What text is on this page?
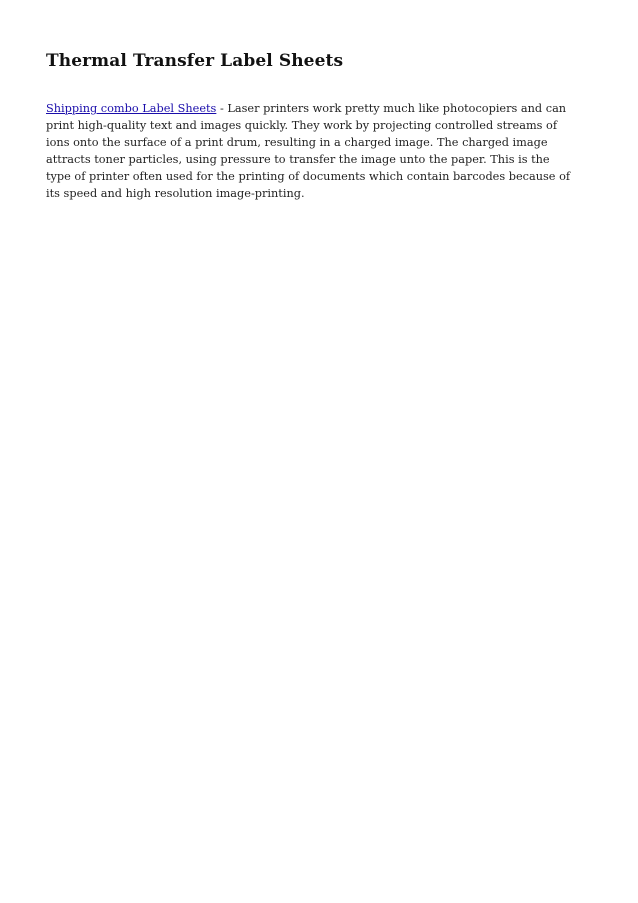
Thermal Transfer Label Sheets

Shipping combo Label Sheets - Laser printers work pretty much like photocopiers and can print high-quality text and images quickly. They work by projecting controlled streams of ions onto the surface of a print drum, resulting in a charged image. The charged image attracts toner particles, using pressure to transfer the image unto the paper. This is the type of printer often used for the printing of documents which contain barcodes because of its speed and high resolution image-printing.
